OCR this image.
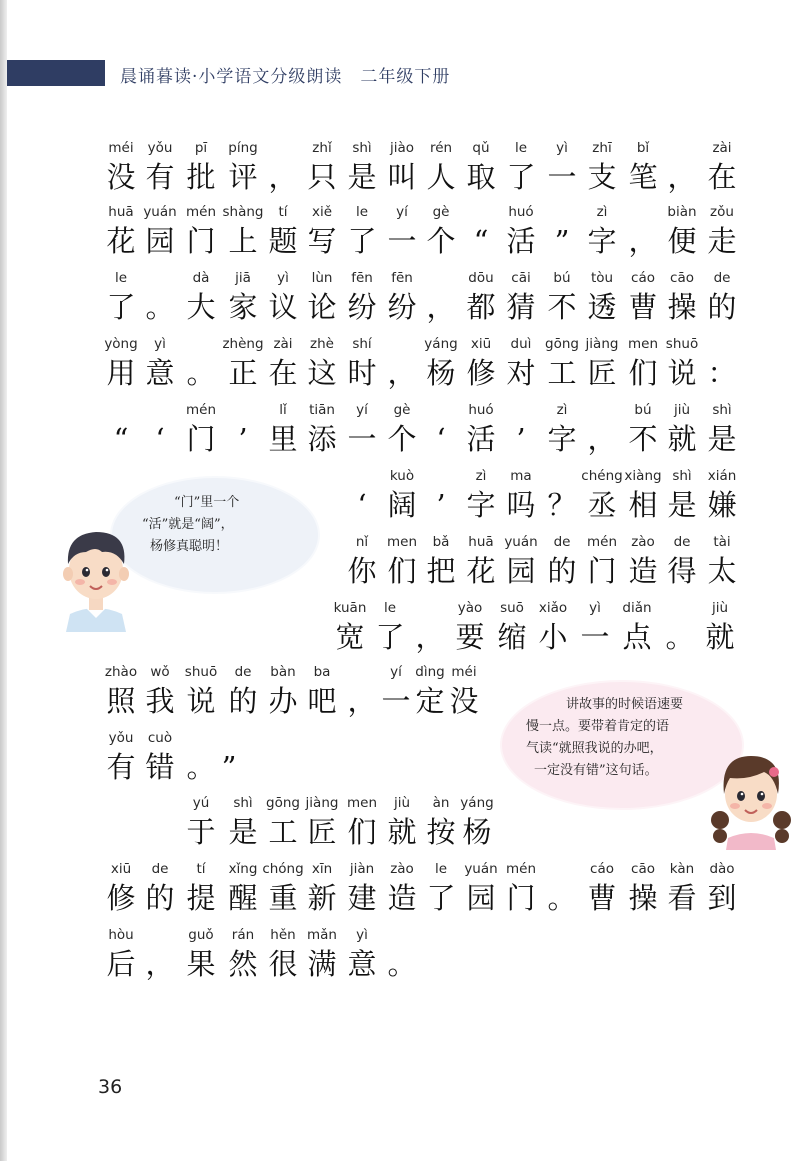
晨诵暮读·小学语文分级朗读　二年级下册
“门”里一个
“活”就是“阔”，
杨修真聪明！
讲故事的时候语速要
慢一点。要带着肯定的语
气读“就照我说的办吧，
一定没有错”这句话。
méi
没
yǒu
有
pī
批
píng
评 ，
zhǐ
只
shì
是
jiào
叫
rén
人
qǔ
取
le
了
yì
一
zhī
支
bǐ
笔 ，
zài
在
huā
花
yuán
园
mén
门
shàng
上
tí
题
xiě
写
le
了
yí
一
gè
个 “
huó
活 ”
zì
字 ，
biàn
便
zǒu
走
le
了 。
dà
大
jiā
家
yì
议
lùn
论
fēn
纷
fēn
纷 ，
dōu
都
cāi
猜
bú
不
tòu
透
cáo
曹
cāo
操
de
的
yòng
用
yì
意 。
zhèng
正
zài
在
zhè
这
shí
时 ，
yáng
杨
xiū
修
duì
对
gōng
工
jiàng
匠
men
们
shuō
说 ：
“ ‘
mén
门 ’
lǐ
里
tiān
添
yí
一
gè
个 ‘
huó
活 ’
zì
字 ，
bú
不
jiù
就
shì
是
‘
kuò
阔 ’
zì
字
ma
吗 ？
chéng
丞
xiàng
相
shì
是
xián
嫌
nǐ
你
men
们
bǎ
把
huā
花
yuán
园
de
的
mén
门
zào
造
de
得
tài
太
kuān
宽
le
了 ，
yào
要
suō
缩
xiǎo
小
yì
一
diǎn
点 。
jiù
就
zhào
照
wǒ
我
shuō
说
de
的
bàn
办
ba
吧 ，
yí
一
dìng
定
méi
没
yǒu
有
cuò
错 。 ”
yú
于
shì
是
gōng
工
jiàng
匠
men
们
jiù
就
àn
按
yáng
杨
xiū
修
de
的
tí
提
xǐng
醒
chóng
重
xīn
新
jiàn
建
zào
造
le
了
yuán
园
mén
门 。
cáo
曹
cāo
操
kàn
看
dào
到
hòu
后 ，
guǒ
果
rán
然
hěn
很
mǎn
满
yì
意 。
36
